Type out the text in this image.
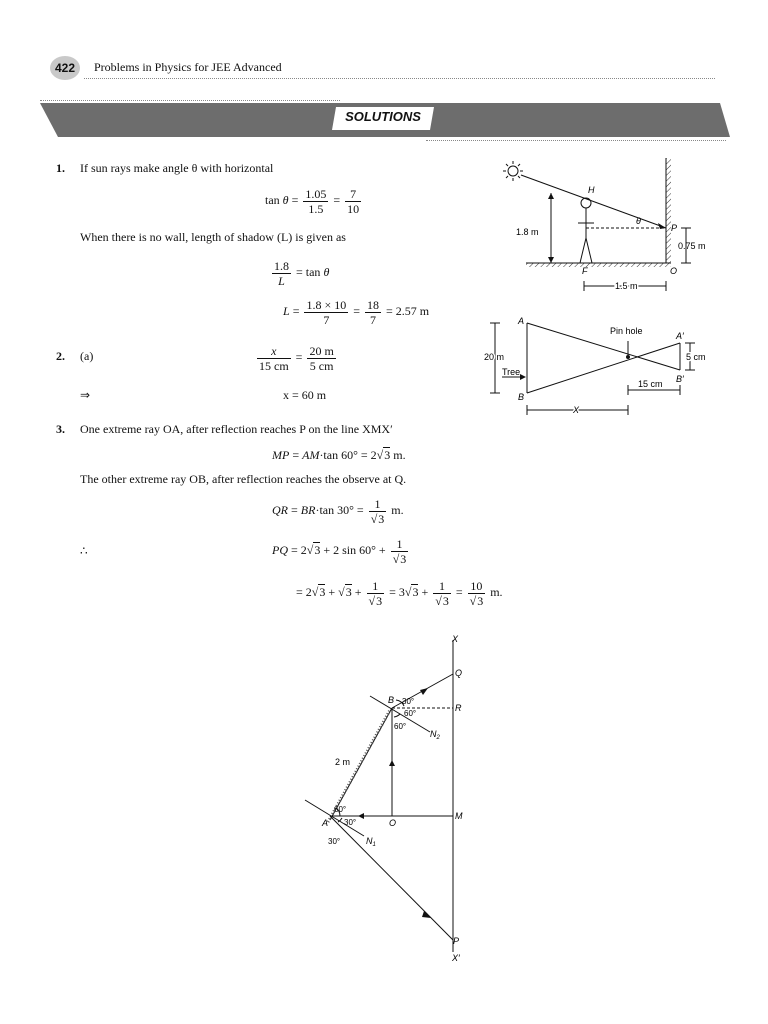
422	Problems in Physics for JEE Advanced
SOLUTIONS
1. If sun rays make angle θ with horizontal
$\tan \theta = \frac{1.05}{1.5} = \frac{7}{10}$
When there is no wall, length of shadow (L) is given as
$\frac{1.8}{L} = \tan \theta$
$L = \frac{1.8 \times 10}{7} = \frac{18}{7} = 2.57$ m
2. (a)	$\frac{x}{15 cm} = \frac{20 m}{5 cm}$
⇒	x = 60 m
3. One extreme ray OA, after reflection reaches P on the line XMX′
MP = AM·tan 60° = 2√3 m.
The other extreme ray OB, after reflection reaches the observe at Q.
QR = BR·tan $30^\circ = \frac{1}{√3} m$.
∴	PQ = 2√3 + 2 $\sin 60^\circ + \frac{1}{√3}$
= $2√3 + √3 + \frac{1}{√3} = 3√3 + \frac{1}{√3} = \frac{10}{√3} m$.
H
θ
P
F	O
1.8 m
0.75 m
1.5 m
A
B
A′
B′
Pin hole
20 m
Tree
5 cm
15 cm
X
X
Q
R
M
P
X′
B
A	O
$N_2$
$N_1$
2 m
30°
60°
60°
60°
30°
30°
